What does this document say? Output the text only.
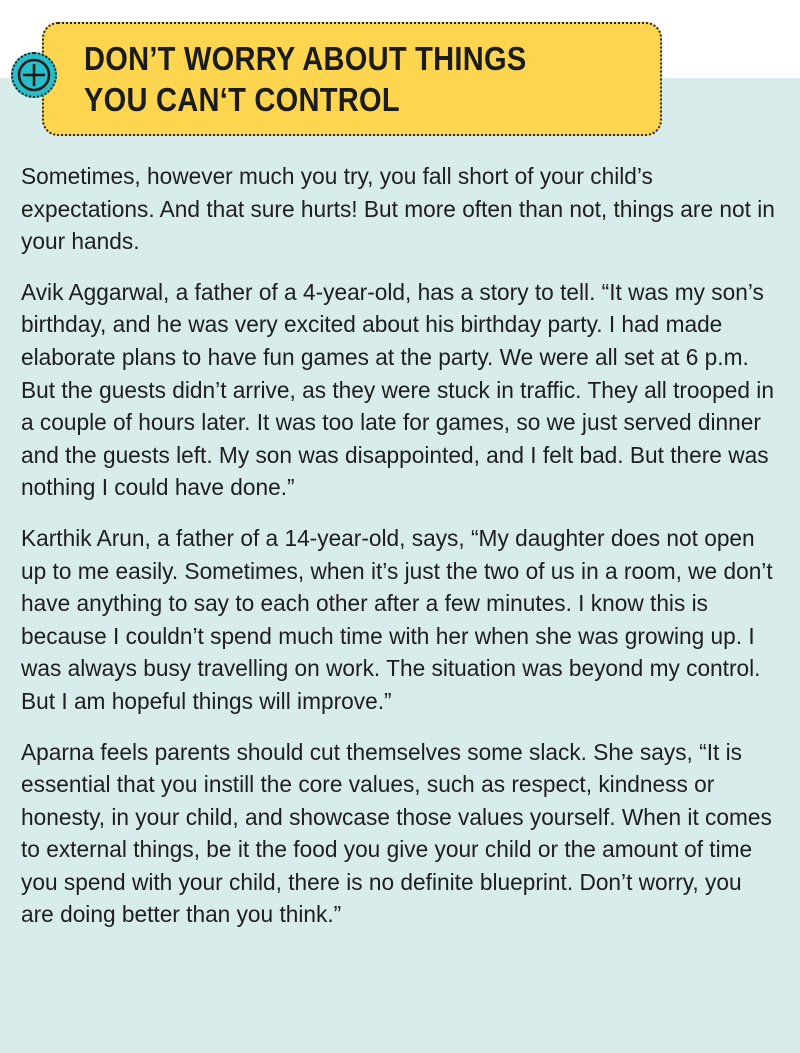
DON’T WORRY ABOUT THINGS
YOU CAN‘T CONTROL

Sometimes, however much you try, you fall short of your child’s expectations. And that sure hurts! But more often than not, things are not in your hands.

Avik Aggarwal, a father of a 4-year-old, has a story to tell. “It was my son’s birthday, and he was very excited about his birthday party. I had made elaborate plans to have fun games at the party. We were all set at 6 p.m. But the guests didn’t arrive, as they were stuck in traffic. They all trooped in a couple of hours later. It was too late for games, so we just served dinner and the guests left. My son was disappointed, and I felt bad. But there was nothing I could have done.”

Karthik Arun, a father of a 14-year-old, says, “My daughter does not open up to me easily. Sometimes, when it’s just the two of us in a room, we don’t have anything to say to each other after a few minutes. I know this is because I couldn’t spend much time with her when she was growing up. I was always busy travelling on work. The situation was beyond my control. But I am hopeful things will improve.”

Aparna feels parents should cut themselves some slack. She says, “It is essential that you instill the core values, such as respect, kindness or honesty, in your child, and showcase those values yourself. When it comes to external things, be it the food you give your child or the amount of time you spend with your child, there is no definite blueprint. Don’t worry, you are doing better than you think.”
